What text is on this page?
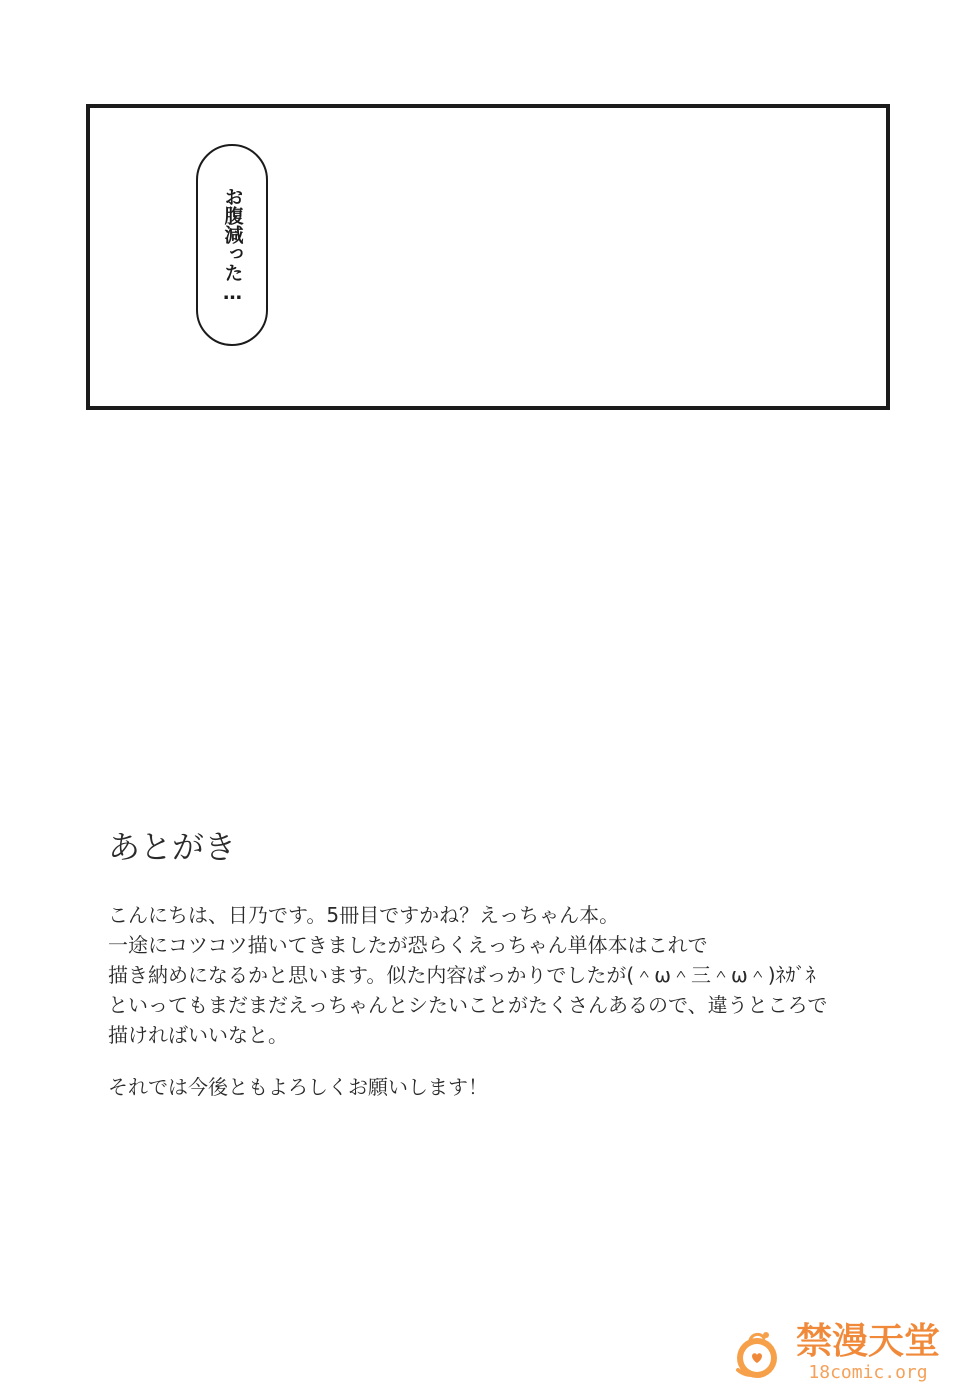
お腹減った…
あとがき
こんにちは、日乃です。5冊目ですかね？えっちゃん本。
一途にコツコツ描いてきましたが恐らくえっちゃん単体本はこれで
描き納めになるかと思います。似た内容ばっかりでしたが(＾ω＾三＾ω＾)ﾈｶﾞﾈ
といってもまだまだえっちゃんとシたいことがたくさんあるので、違うところで
描ければいいなと。
それでは今後ともよろしくお願いします！
禁漫天堂
18comic.org
